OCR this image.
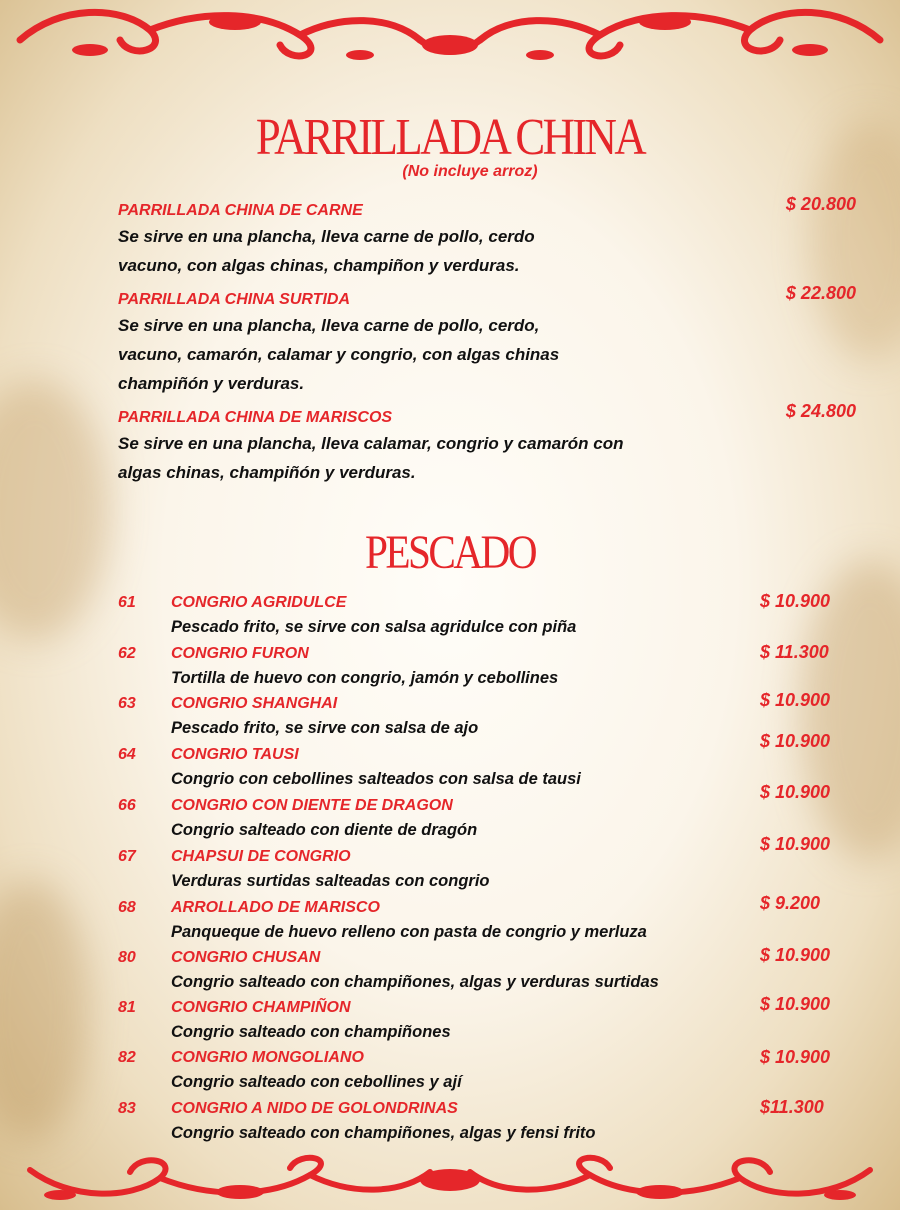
PARRILLADA CHINA
(No incluye arroz)
PARRILLADA CHINA DE CARNE
Se sirve en una plancha, lleva carne de pollo, cerdo
vacuno, con algas chinas, champiñon y verduras.
$ 20.800
PARRILLADA CHINA SURTIDA
Se sirve en una plancha, lleva carne de pollo, cerdo,
vacuno, camarón, calamar y congrio, con algas chinas
champiñón y verduras.
$ 22.800
PARRILLADA CHINA DE MARISCOS
Se sirve en una plancha, lleva calamar, congrio y camarón con
algas chinas, champiñón y verduras.
$ 24.800
PESCADO
61 CONGRIO AGRIDULCE
Pescado frito, se sirve con salsa agridulce con piña
$ 10.900
62 CONGRIO FURON
Tortilla de huevo con congrio, jamón y cebollines
$ 11.300
63 CONGRIO SHANGHAI
Pescado frito, se sirve con salsa de ajo
$ 10.900
64 CONGRIO TAUSI
Congrio con cebollines salteados con salsa de tausi
$ 10.900
66 CONGRIO CON DIENTE DE DRAGON
Congrio salteado con diente de dragón
$ 10.900
67 CHAPSUI DE CONGRIO
Verduras surtidas salteadas con congrio
$ 10.900
68 ARROLLADO DE MARISCO
Panqueque de huevo relleno con pasta de congrio y merluza
$ 9.200
80 CONGRIO CHUSAN
Congrio salteado con champiñones, algas y verduras surtidas
$ 10.900
81 CONGRIO CHAMPIÑON
Congrio salteado con champiñones
$ 10.900
82 CONGRIO MONGOLIANO
Congrio salteado con cebollines y ají
$ 10.900
83 CONGRIO A NIDO DE GOLONDRINAS
Congrio salteado con champiñones, algas y fensi frito
$11.300
